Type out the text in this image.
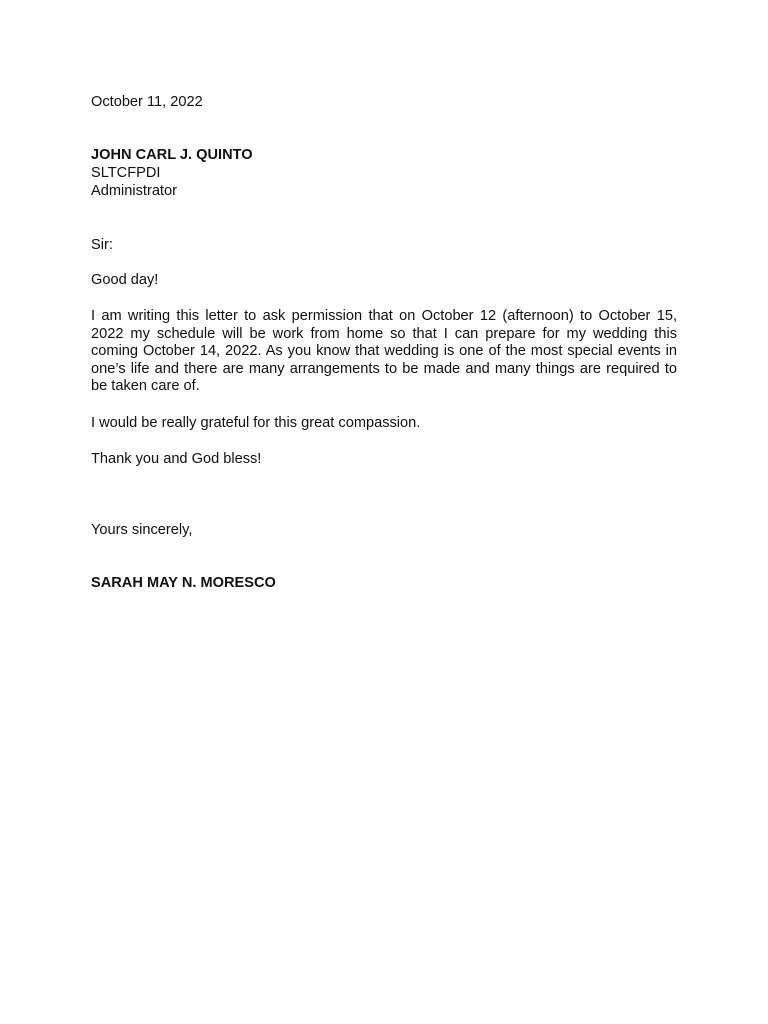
October 11, 2022
JOHN CARL J. QUINTO
SLTCFPDI
Administrator
Sir:
Good day!
I am writing this letter to ask permission that on October 12 (afternoon) to October 15, 2022 my schedule will be work from home so that I can prepare for my wedding this coming October 14, 2022. As you know that wedding is one of the most special events in one’s life and there are many arrangements to be made and many things are required to be taken care of.
I would be really grateful for this great compassion.
Thank you and God bless!
Yours sincerely,
SARAH MAY N. MORESCO
